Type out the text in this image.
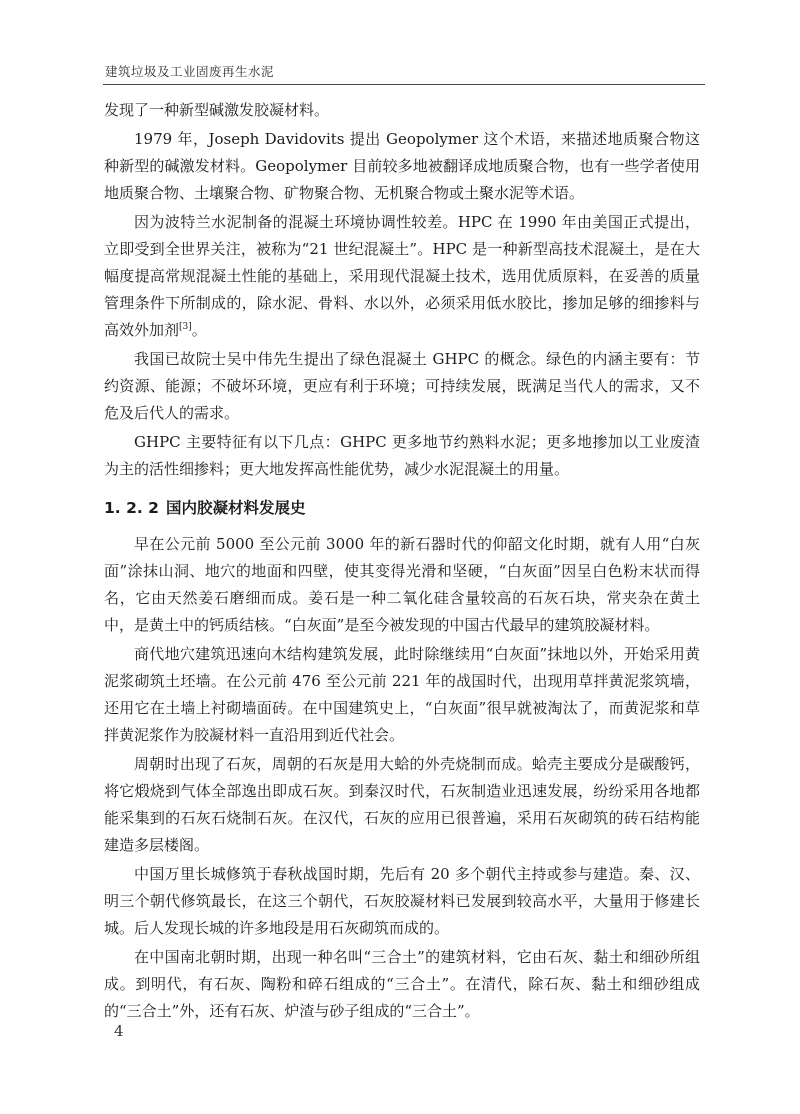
建筑垃圾及工业固废再生水泥

发现了一种新型碱激发胶凝材料。

1979 年，Joseph Davidovits 提出 Geopolymer 这个术语，来描述地质聚合物这种新型的碱激发材料。Geopolymer 目前较多地被翻译成地质聚合物，也有一些学者使用地质聚合物、土壤聚合物、矿物聚合物、无机聚合物或土聚水泥等术语。

因为波特兰水泥制备的混凝土环境协调性较差。HPC 在 1990 年由美国正式提出，立即受到全世界关注，被称为“21 世纪混凝土”。HPC 是一种新型高技术混凝土，是在大幅度提高常规混凝土性能的基础上，采用现代混凝土技术，选用优质原料，在妥善的质量管理条件下所制成的，除水泥、骨料、水以外，必须采用低水胶比，掺加足够的细掺料与高效外加剂[3]。

我国已故院士吴中伟先生提出了绿色混凝土 GHPC 的概念。绿色的内涵主要有：节约资源、能源；不破坏环境，更应有利于环境；可持续发展，既满足当代人的需求，又不危及后代人的需求。

GHPC 主要特征有以下几点：GHPC 更多地节约熟料水泥；更多地掺加以工业废渣为主的活性细掺料；更大地发挥高性能优势，减少水泥混凝土的用量。

1. 2. 2 国内胶凝材料发展史

早在公元前 5000 至公元前 3000 年的新石器时代的仰韶文化时期，就有人用“白灰面”涂抹山洞、地穴的地面和四壁，使其变得光滑和坚硬，“白灰面”因呈白色粉末状而得名，它由天然姜石磨细而成。姜石是一种二氧化硅含量较高的石灰石块，常夹杂在黄土中，是黄土中的钙质结核。“白灰面”是至今被发现的中国古代最早的建筑胶凝材料。

商代地穴建筑迅速向木结构建筑发展，此时除继续用“白灰面”抹地以外，开始采用黄泥浆砌筑土坯墙。在公元前 476 至公元前 221 年的战国时代，出现用草拌黄泥浆筑墙，还用它在土墙上衬砌墙面砖。在中国建筑史上，“白灰面”很早就被淘汰了，而黄泥浆和草拌黄泥浆作为胶凝材料一直沿用到近代社会。

周朝时出现了石灰，周朝的石灰是用大蛤的外壳烧制而成。蛤壳主要成分是碳酸钙，将它煅烧到气体全部逸出即成石灰。到秦汉时代，石灰制造业迅速发展，纷纷采用各地都能采集到的石灰石烧制石灰。在汉代，石灰的应用已很普遍，采用石灰砌筑的砖石结构能建造多层楼阁。

中国万里长城修筑于春秋战国时期，先后有 20 多个朝代主持或参与建造。秦、汉、明三个朝代修筑最长，在这三个朝代，石灰胶凝材料已发展到较高水平，大量用于修建长城。后人发现长城的许多地段是用石灰砌筑而成的。

在中国南北朝时期，出现一种名叫“三合土”的建筑材料，它由石灰、黏土和细砂所组成。到明代，有石灰、陶粉和碎石组成的“三合土”。在清代，除石灰、黏土和细砂组成的“三合土”外，还有石灰、炉渣与砂子组成的“三合土”。

4
